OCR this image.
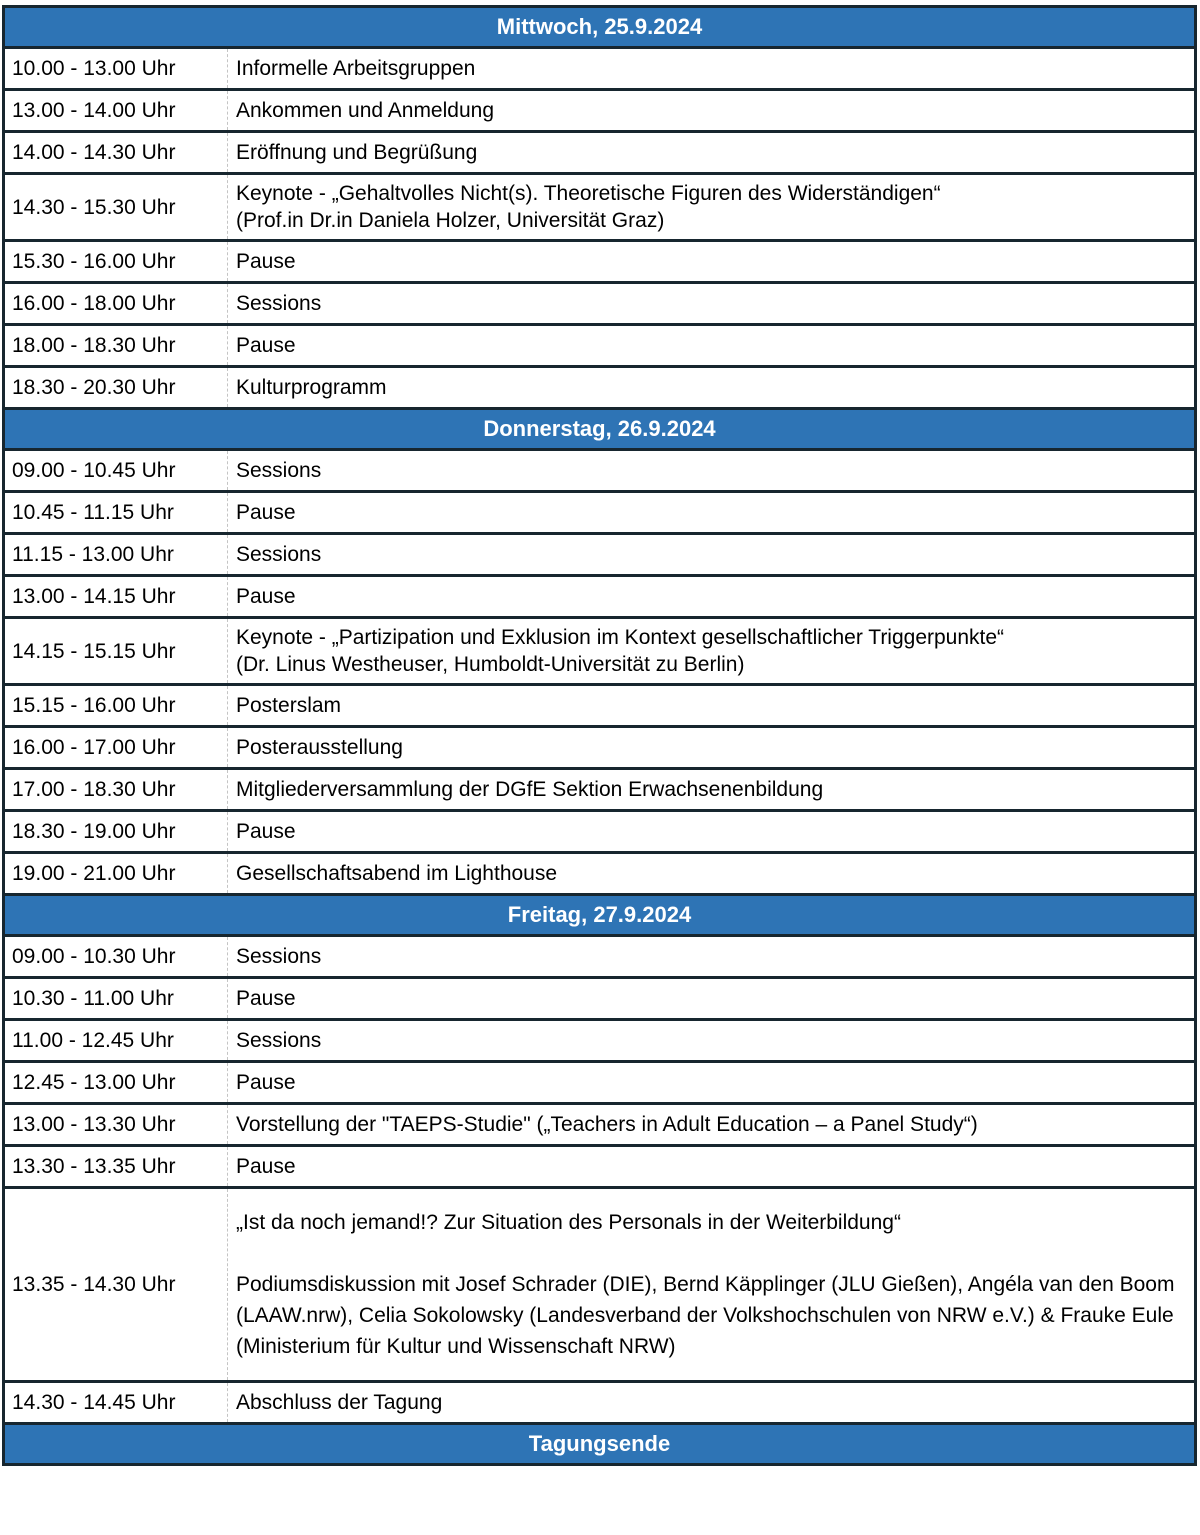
Mittwoch, 25.9.2024
10.00 - 13.00 Uhr	Informelle Arbeitsgruppen
13.00 - 14.00 Uhr	Ankommen und Anmeldung
14.00 - 14.30 Uhr	Eröffnung und Begrüßung
14.30 - 15.30 Uhr
Keynote - „Gehaltvolles Nicht(s). Theoretische Figuren des Widerständigen“
(Prof.in Dr.in Daniela Holzer, Universität Graz)
15.30 - 16.00 Uhr	Pause
16.00 - 18.00 Uhr	Sessions
18.00 - 18.30 Uhr	Pause
18.30 - 20.30 Uhr	Kulturprogramm
Donnerstag, 26.9.2024
09.00 - 10.45 Uhr	Sessions
10.45 - 11.15 Uhr	Pause
11.15 - 13.00 Uhr	Sessions
13.00 - 14.15 Uhr	Pause
14.15 - 15.15 Uhr
Keynote - „Partizipation und Exklusion im Kontext gesellschaftlicher Triggerpunkte“
(Dr. Linus Westheuser, Humboldt-Universität zu Berlin)
15.15 - 16.00 Uhr	Posterslam
16.00 - 17.00 Uhr	Posterausstellung
17.00 - 18.30 Uhr	Mitgliederversammlung der DGfE Sektion Erwachsenenbildung
18.30 - 19.00 Uhr	Pause
19.00 - 21.00 Uhr	Gesellschaftsabend im Lighthouse
Freitag, 27.9.2024
09.00 - 10.30 Uhr	Sessions
10.30 - 11.00 Uhr	Pause
11.00 - 12.45 Uhr	Sessions
12.45 - 13.00 Uhr	Pause
13.00 - 13.30 Uhr	Vorstellung der "TAEPS-Studie" („Teachers in Adult Education – a Panel Study“)
13.30 - 13.35 Uhr	Pause
13.35 - 14.30 Uhr
„Ist da noch jemand!? Zur Situation des Personals in der Weiterbildung“
Podiumsdiskussion mit Josef Schrader (DIE), Bernd Käpplinger (JLU Gießen), Angéla van den Boom (LAAW.nrw), Celia Sokolowsky (Landesverband der Volkshochschulen von NRW e.V.) & Frauke Eule (Ministerium für Kultur und Wissenschaft NRW)
14.30 - 14.45 Uhr	Abschluss der Tagung
Tagungsende
